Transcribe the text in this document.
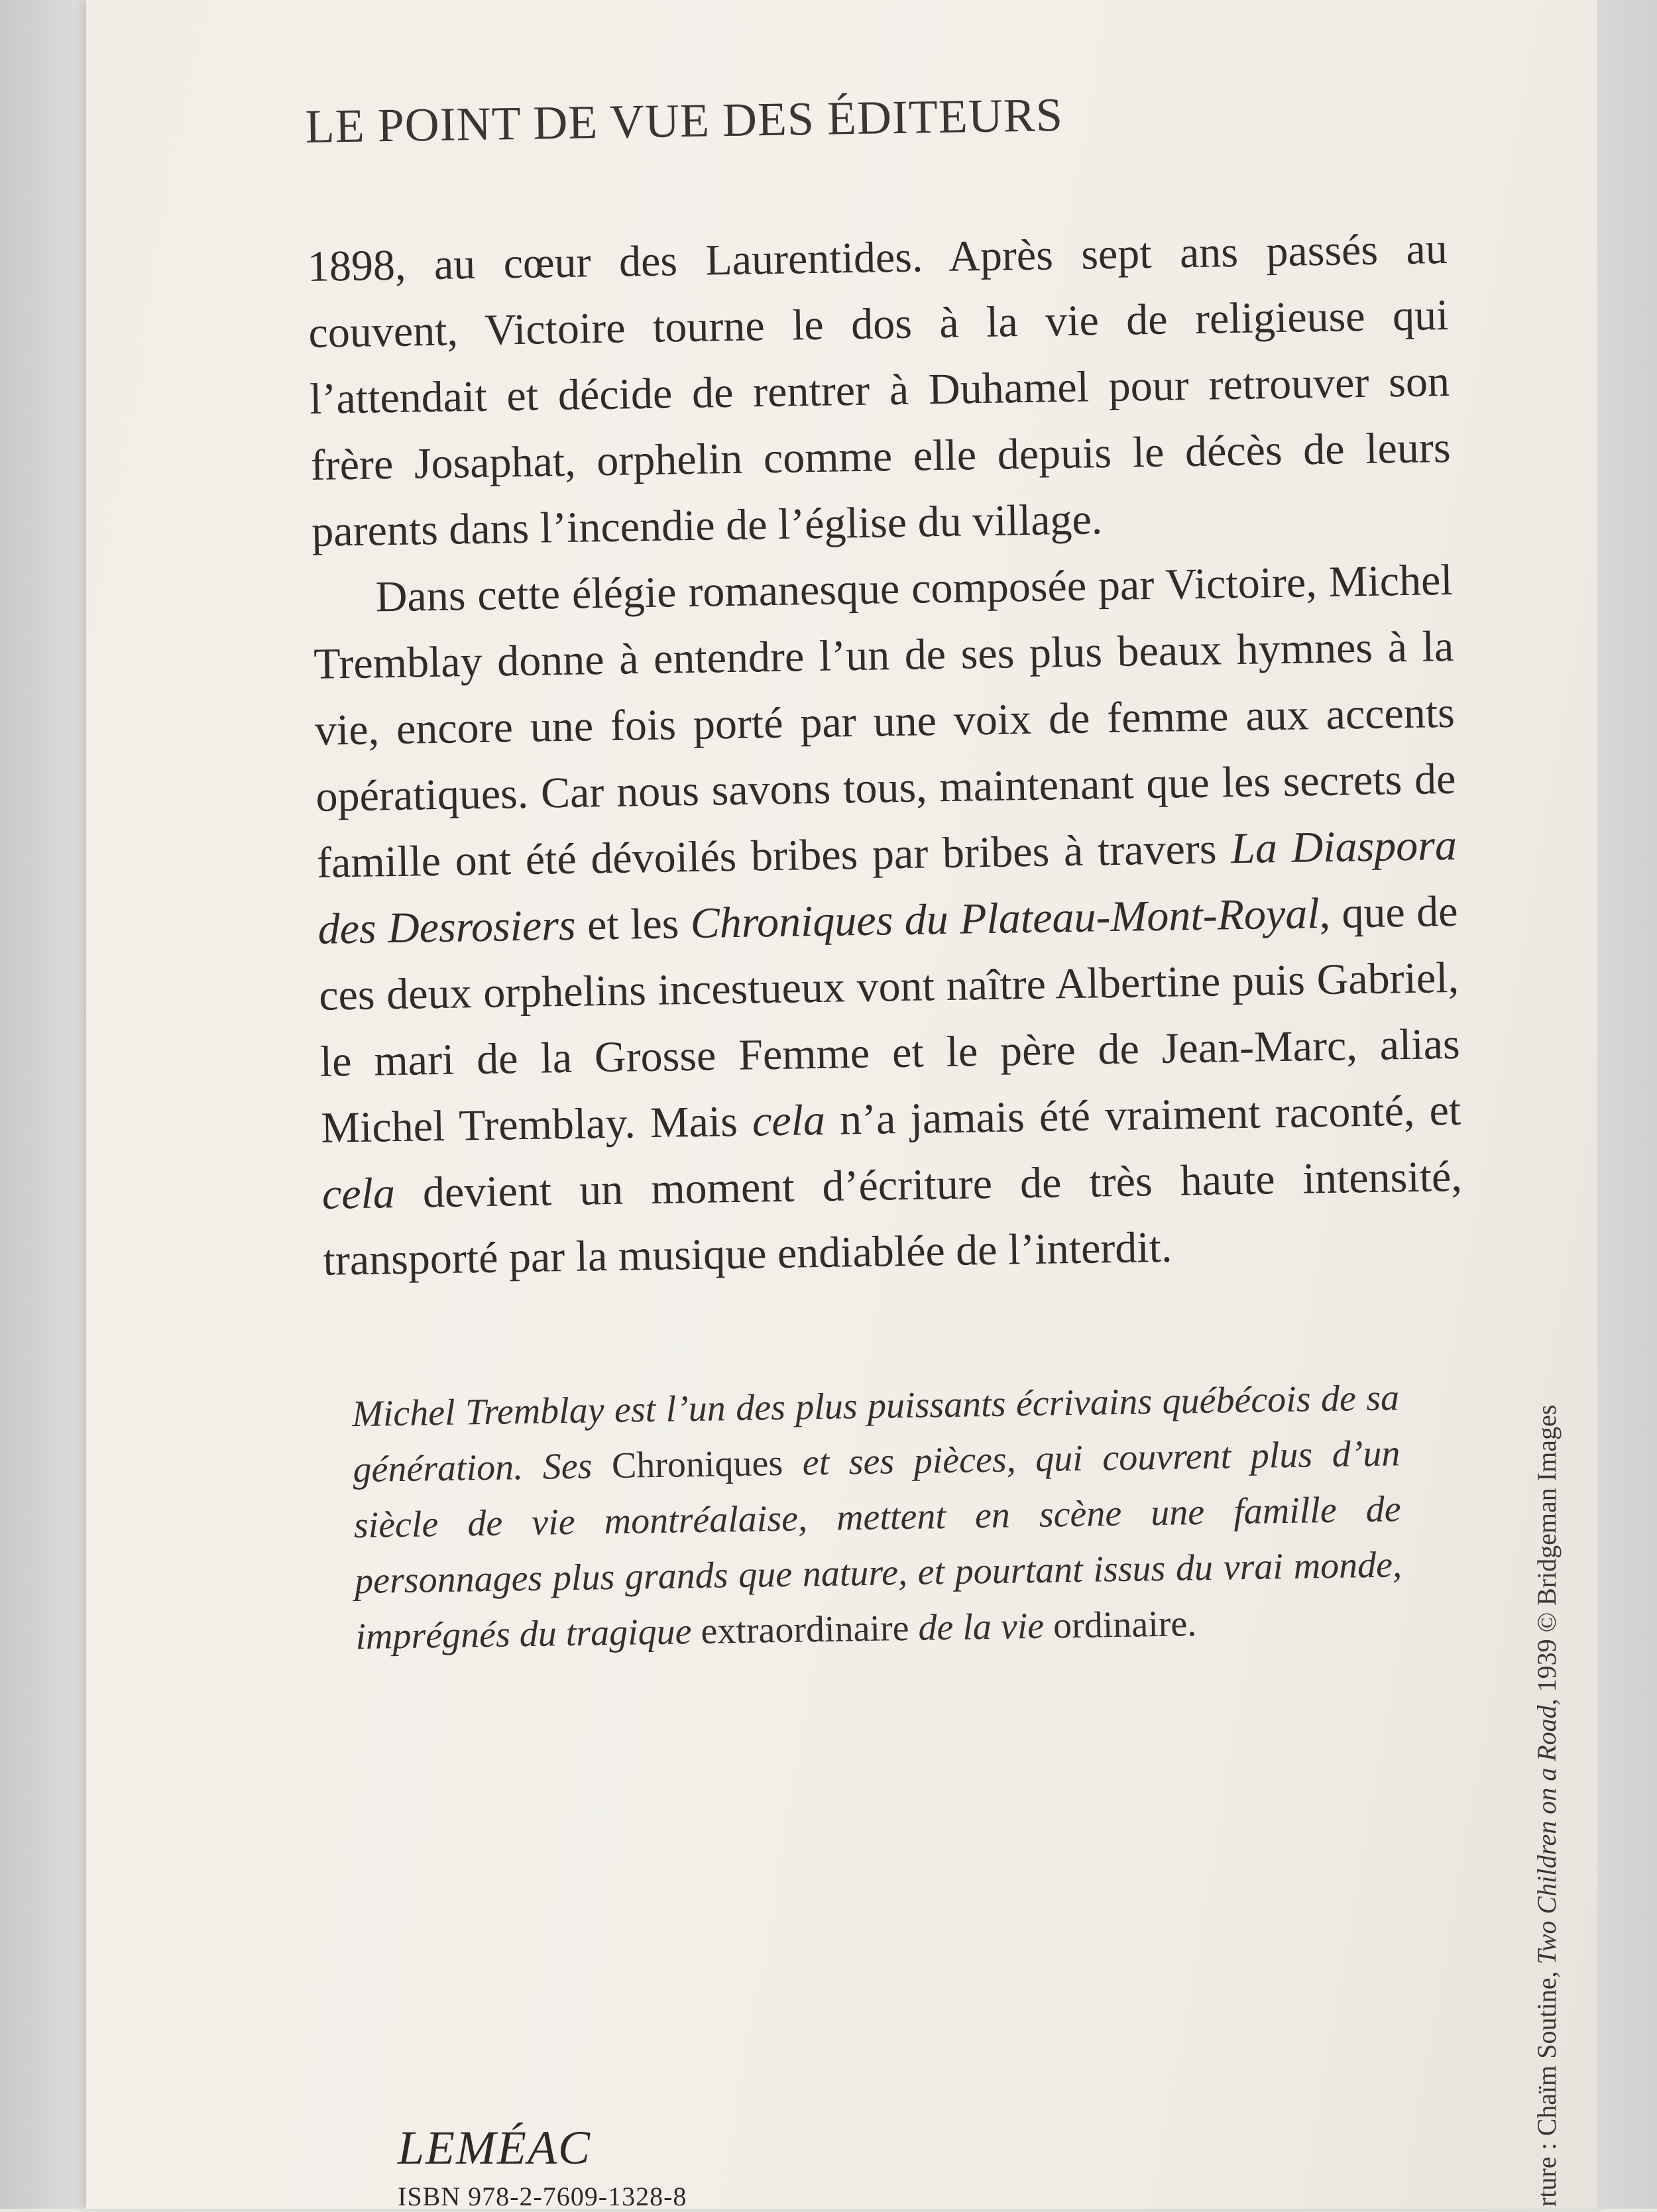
LE POINT DE VUE DES ÉDITEURS

1898, au cœur des Laurentides. Après sept ans passés au couvent, Victoire tourne le dos à la vie de religieuse qui l’attendait et décide de rentrer à Duhamel pour retrouver son frère Josaphat, orphelin comme elle depuis le décès de leurs parents dans l’incendie de l’église du village.

Dans cette élégie romanesque composée par Victoire, Michel Tremblay donne à entendre l’un de ses plus beaux hymnes à la vie, encore une fois porté par une voix de femme aux accents opératiques. Car nous savons tous, maintenant que les secrets de famille ont été dévoilés bribes par bribes à travers La Diaspora des Desrosiers et les Chroniques du Plateau-Mont-Royal, que de ces deux orphelins incestueux vont naître Albertine puis Gabriel, le mari de la Grosse Femme et le père de Jean-Marc, alias Michel Tremblay. Mais cela n’a jamais été vraiment raconté, et cela devient un moment d’écriture de très haute intensité, transporté par la musique endiablée de l’interdit.

Michel Tremblay est l’un des plus puissants écrivains québécois de sa génération. Ses Chroniques et ses pièces, qui couvrent plus d’un siècle de vie montréalaise, mettent en scène une famille de personnages plus grands que nature, et pourtant issus du vrai monde, imprégnés du tragique extraordinaire de la vie ordinaire.
LEMÉAC
ISBN 978-2-7609-1328-8	rture : Chaïm Soutine, Two Children on a Road, 1939 © Bridgeman Images
